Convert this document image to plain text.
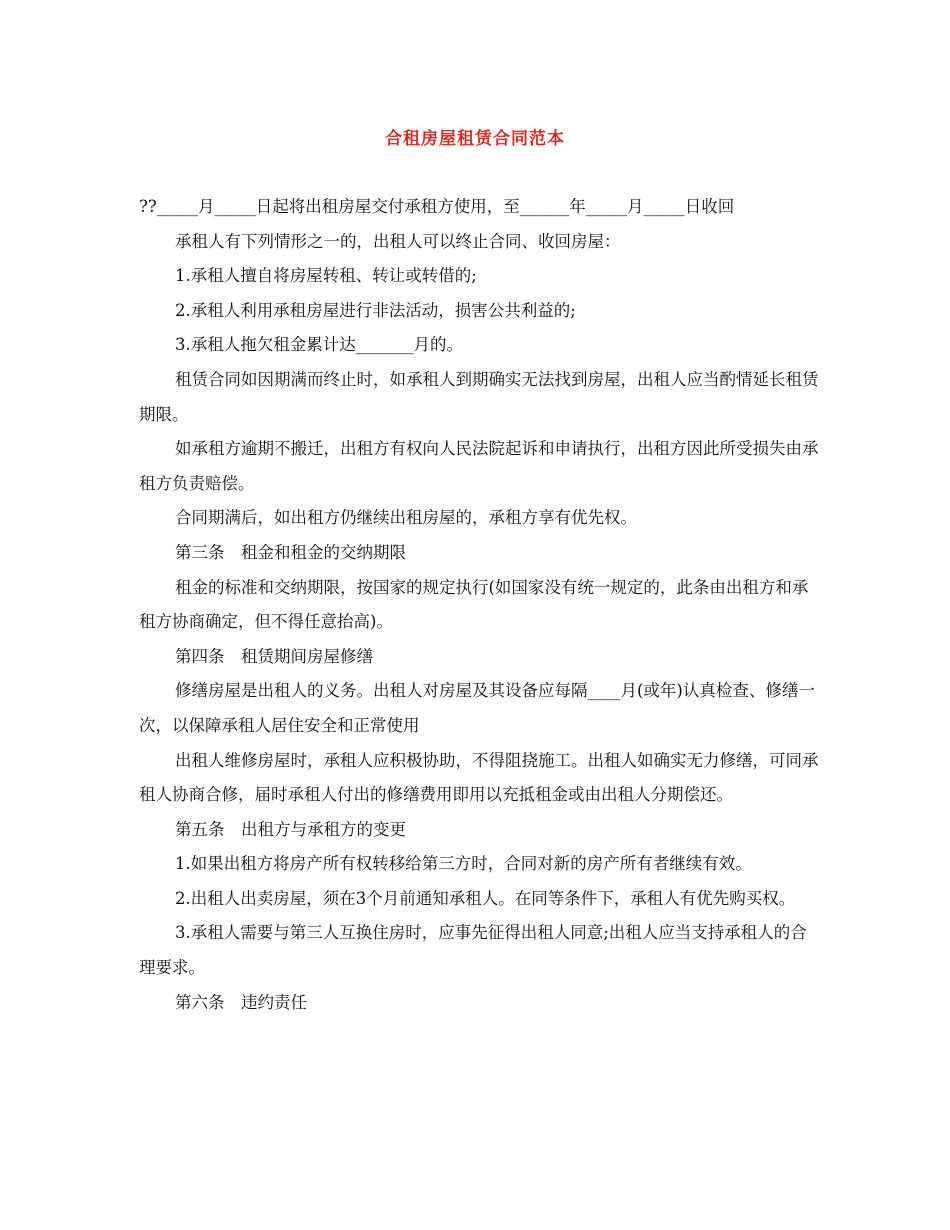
合租房屋租赁合同范本

??_____月_____日起将出租房屋交付承租方使用，至______年_____月_____日收回

承租人有下列情形之一的，出租人可以终止合同、收回房屋：

1.承租人擅自将房屋转租、转让或转借的;

2.承租人利用承租房屋进行非法活动，损害公共利益的;

3.承租人拖欠租金累计达_______月的。

租赁合同如因期满而终止时，如承租人到期确实无法找到房屋，出租人应当酌情延长租赁期限。

如承租方逾期不搬迁，出租方有权向人民法院起诉和申请执行，出租方因此所受损失由承租方负责赔偿。

合同期满后，如出租方仍继续出租房屋的，承租方享有优先权。

第三条　租金和租金的交纳期限

租金的标准和交纳期限，按国家的规定执行(如国家没有统一规定的，此条由出租方和承租方协商确定，但不得任意抬高)。

第四条　租赁期间房屋修缮

修缮房屋是出租人的义务。出租人对房屋及其设备应每隔____月(或年)认真检查、修缮一次，以保障承租人居住安全和正常使用

出租人维修房屋时，承租人应积极协助，不得阻挠施工。出租人如确实无力修缮，可同承租人协商合修，届时承租人付出的修缮费用即用以充抵租金或由出租人分期偿还。

第五条　出租方与承租方的变更

1.如果出租方将房产所有权转移给第三方时，合同对新的房产所有者继续有效。

2.出租人出卖房屋，须在3个月前通知承租人。在同等条件下，承租人有优先购买权。

3.承租人需要与第三人互换住房时，应事先征得出租人同意;出租人应当支持承租人的合理要求。

第六条　违约责任
